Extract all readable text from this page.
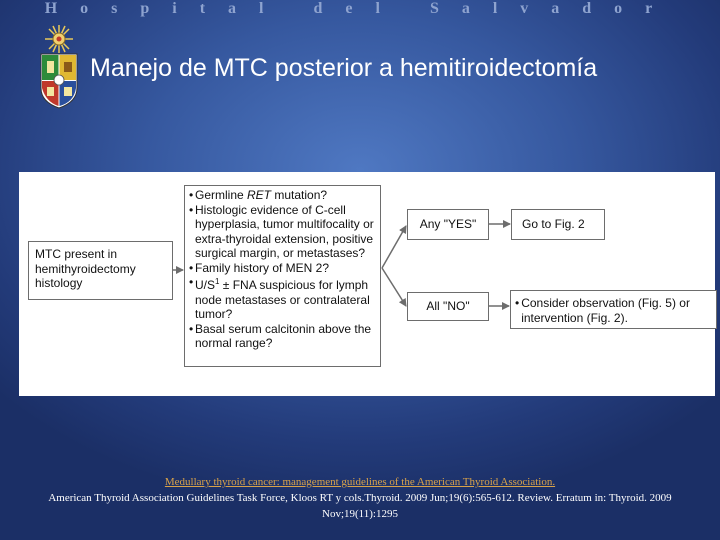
Hospital del Salvador
Manejo de MTC posterior a hemitiroidectomía
MTC present in hemithyroidectomy histology
• Germline RET mutation?
• Histologic evidence of C-cell hyperplasia, tumor multifocality or extra-thyroidal extension, positive surgical margin, or metastases?
• Family history of MEN 2?
• $U/S^1$ ± FNA suspicious for lymph node metastases or contralateral tumor?
• Basal serum calcitonin above the normal range?
Any "YES"	Go to Fig. 2
All "NO"	• Consider observation (Fig. 5) or intervention (Fig. 2).
Medullary thyroid cancer: management guidelines of the American Thyroid Association.
American Thyroid Association Guidelines Task Force, Kloos RT y cols.Thyroid. 2009 Jun;19(6):565-612. Review. Erratum in: Thyroid. 2009 Nov;19(11):1295
